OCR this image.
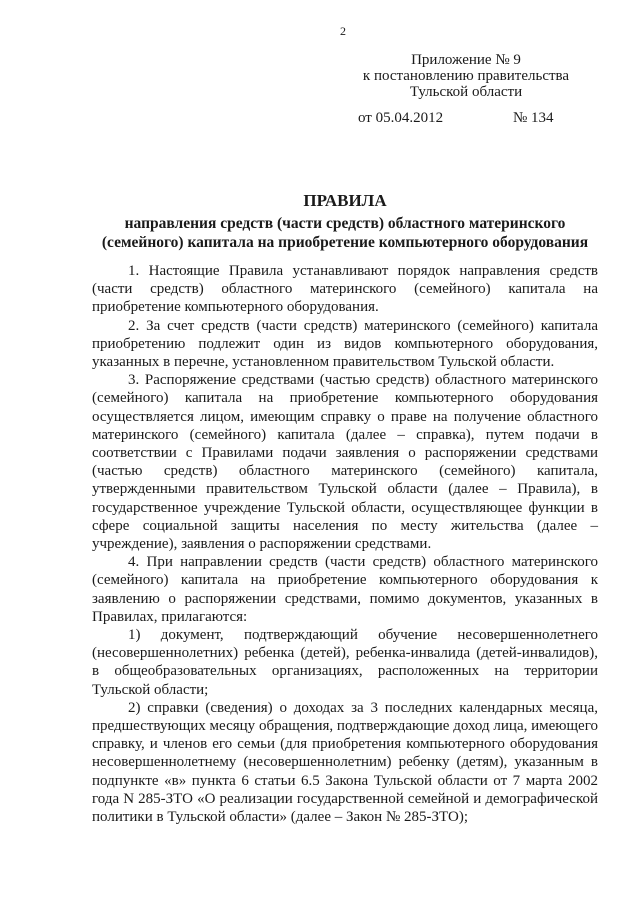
2
Приложение № 9
к постановлению правительства
Тульской области
от 05.04.2012	№ 134
ПРАВИЛА
направления средств (части средств) областного материнского
(семейного) капитала на приобретение компьютерного оборудования

1. Настоящие Правила устанавливают порядок направления средств (части средств) областного материнского (семейного) капитала на приобретение компьютерного оборудования.

2. За счет средств (части средств) материнского (семейного) капитала приобретению подлежит один из видов компьютерного оборудования, указанных в перечне, установленном правительством Тульской области.

3. Распоряжение средствами (частью средств) областного материнского (семейного) капитала на приобретение компьютерного оборудования осуществляется лицом, имеющим справку о праве на получение областного материнского (семейного) капитала (далее – справка), путем подачи в соответствии с Правилами подачи заявления о распоряжении средствами (частью средств) областного материнского (семейного) капитала, утвержденными правительством Тульской области (далее – Правила), в государственное учреждение Тульской области, осуществляющее функции в сфере социальной защиты населения по месту жительства (далее – учреждение), заявления о распоряжении средствами.

4. При направлении средств (части средств) областного материнского (семейного) капитала на приобретение компьютерного оборудования к заявлению о распоряжении средствами, помимо документов, указанных в Правилах, прилагаются:

1) документ, подтверждающий обучение несовершеннолетнего (несовершеннолетних) ребенка (детей), ребенка-инвалида (детей-инвалидов), в общеобразовательных организациях, расположенных на территории Тульской области;

2) справки (сведения) о доходах за 3 последних календарных месяца, предшествующих месяцу обращения, подтверждающие доход лица, имеющего справку, и членов его семьи (для приобретения компьютерного оборудования несовершеннолетнему (несовершеннолетним) ребенку (детям), указанным в подпункте «в» пункта 6 статьи 6.5 Закона Тульской области от 7 марта 2002 года N 285-ЗТО «О реализации государственной семейной и демографической политики в Тульской области» (далее – Закон № 285-ЗТО);
